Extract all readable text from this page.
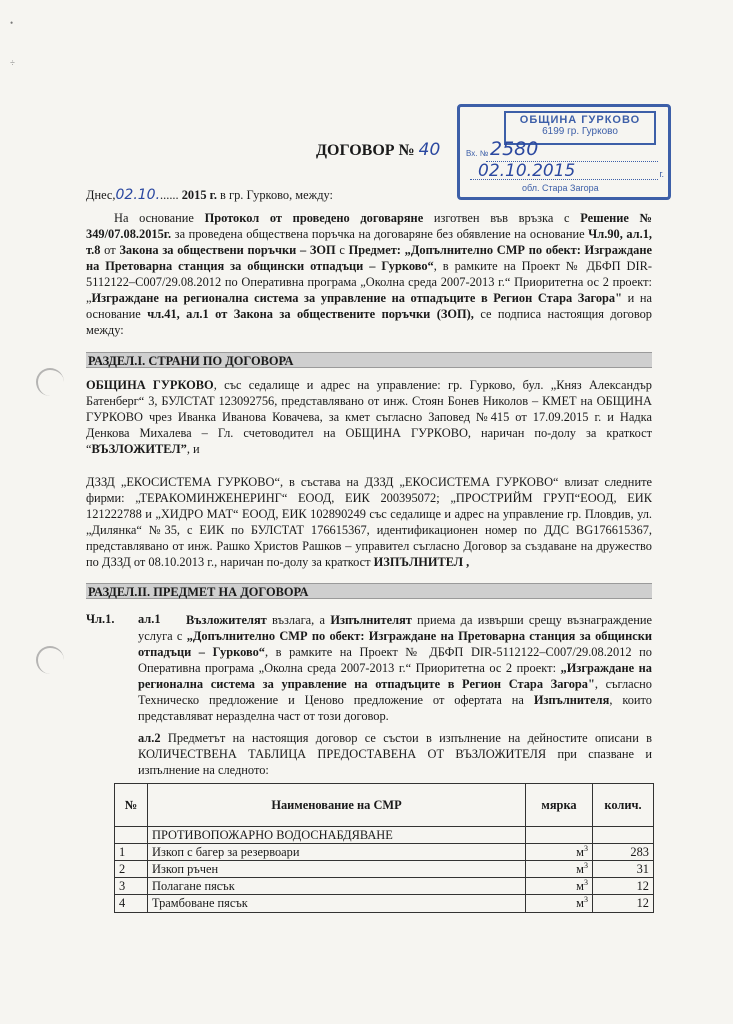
•
÷
ОБЩИНА ГУРКОВО
6199 гр. Гурково
Вх. № 2580
02.10.2015	г.
обл. Стара Загора
ДОГОВОР № 40
Днес,02.10....... 2015 г. в гр. Гурково, между:
На основание Протокол от проведено договаряне изготвен във връзка с Решение № 349/07.08.2015г. за проведена обществена поръчка на договаряне без обявление на основание Чл.90, ал.1, т.8 от Закона за обществени поръчки – ЗОП с Предмет: „Допълнително СМР по обект: Изграждане на Претоварна станция за общински отпадъци – Гурково“, в рамките на Проект № ДБФП DIR-5112122–С007/29.08.2012 по Оперативна програма „Околна среда 2007-2013 г.“ Приоритетна ос 2 проект: „Изграждане на регионална система за управление на отпадъците в Регион Стара Загора" и на основание чл.41, ал.1 от Закона за обществените поръчки (ЗОП), се подписа настоящия договор между:
РАЗДЕЛ.I. СТРАНИ ПО ДОГОВОРА
ОБЩИНА ГУРКОВО, със седалище и адрес на управление: гр. Гурково, бул. „Княз Александър Батенберг“ 3, БУЛСТАТ 123092756, представлявано от инж. Стоян Бонев Николов – КМЕТ на ОБЩИНА ГУРКОВО чрез Иванка Иванова Ковачева, за кмет съгласно Заповед №415 от 17.09.2015 г. и Надка Денкова Михалева – Гл. счетоводител на ОБЩИНА ГУРКОВО, наричан по-долу за краткост “ВЪЗЛОЖИТЕЛ”, и
ДЗЗД „ЕКОСИСТЕМА ГУРКОВО“, в състава на ДЗЗД „ЕКОСИСТЕМА ГУРКОВО“ влизат следните фирми: „ТЕРАКОМИНЖЕНЕРИНГ“ ЕООД, ЕИК 200395072; „ПРОСТРИЙМ ГРУП“ЕООД, ЕИК 121222788 и „ХИДРО МАТ“ ЕООД, ЕИК 102890249 със седалище и адрес на управление гр. Пловдив, ул. „Дилянка“ №35, с ЕИК по БУЛСТАТ 176615367, идентификационен номер по ДДС BG176615367, представлявано от инж. Рашко Христов Рашков – управител съгласно Договор за създаване на дружество по ДЗЗД от 08.10.2013 г., наричан по-долу за краткост ИЗПЪЛНИТЕЛ ,
РАЗДЕЛ.II. ПРЕДМЕТ НА ДОГОВОРА
Чл.1. ал.1	Възложителят възлага, а Изпълнителят приема да извърши срещу възнаграждение услуга с „Допълнително СМР по обект: Изграждане на Претоварна станция за общински отпадъци – Гурково“, в рамките на Проект № ДБФП DIR-5112122–С007/29.08.2012 по Оперативна програма „Околна среда 2007-2013 г.“ Приоритетна ос 2 проект: „Изграждане на регионална система за управление на отпадъците в Регион Стара Загора", съгласно Техническо предложение и Ценово предложение от офертата на Изпълнителя, които представляват неразделна част от този договор.
ал.2 Предметът на настоящия договор се състои в изпълнение на дейностите описани в КОЛИЧЕСТВЕНА ТАБЛИЦА ПРЕДОСТАВЕНА ОТ ВЪЗЛОЖИТЕЛЯ при спазване и изпълнение на следното:
№	Наименование на СМР	мярка	колич.
	ПРОТИВОПОЖАРНО ВОДОСНАБДЯВАНЕ		
1	Изкоп с багер за резервоари	$м^3$	283
2	Изкоп ръчен	$м^3$	31
3	Полагане пясък	$м^3$	12
4	Трамбоване пясък	$м^3$	12
